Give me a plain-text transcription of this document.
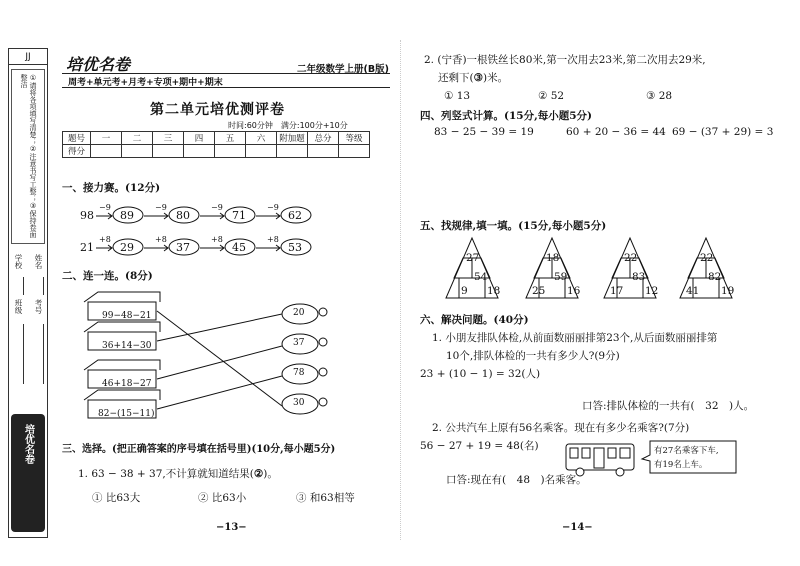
JJ
①请将各项填写清楚；②注意书写工整；③保持卷面整洁
学校
班级
姓名
考号
培优名卷
培优名卷
周考+单元考+月考+专项+期中+期末
二年级数学上册(B版)
第二单元培优测评卷
时间:60分钟　满分:100分+10分
题号	一	二	三	四	五	六	附加题	总分	等级
得分									
一、接力赛。(12分)
98
21
−9	−9	−9	−9
89	80	71	62
+8	+8	+8	+8
29	37	45	53
二、连一连。(8分)
99−48−21
36+14−30
46+18−27
82−(15−11)
20
37
78
30
三、选择。(把正确答案的序号填在括号里)(10分,每小题5分)
1. 63 − 38 + 37,不计算就知道结果(②)。
① 比63大	② 比63小	③ 和63相等
−13−
2. (宁香)一根铁丝长80米,第一次用去23米,第二次用去29米,
还剩下(③)米。
① 13	② 52	③ 28
四、列竖式计算。(15分,每小题5分)
83 − 25 − 39 = 19	60 + 20 − 36 = 44 69 − (37 + 29) = 3
五、找规律,填一填。(15分,每小题5分)
27
54
9 18
18
59
25 16
22
83
17 12
22
82
41 19
六、解决问题。(40分)
1. 小朋友排队体检,从前面数丽丽排第23个,从后面数丽丽排第
10个,排队体检的一共有多少人?(9分)
23 + (10 − 1) = 32(人)
口答:排队体检的一共有(　32　)人。
2. 公共汽车上原有56名乘客。现在有多少名乘客?(7分)
56 − 27 + 19 = 48(名)	有27名乘客下车,
有19名上车。
口答:现在有(　48　)名乘客。
−14−
